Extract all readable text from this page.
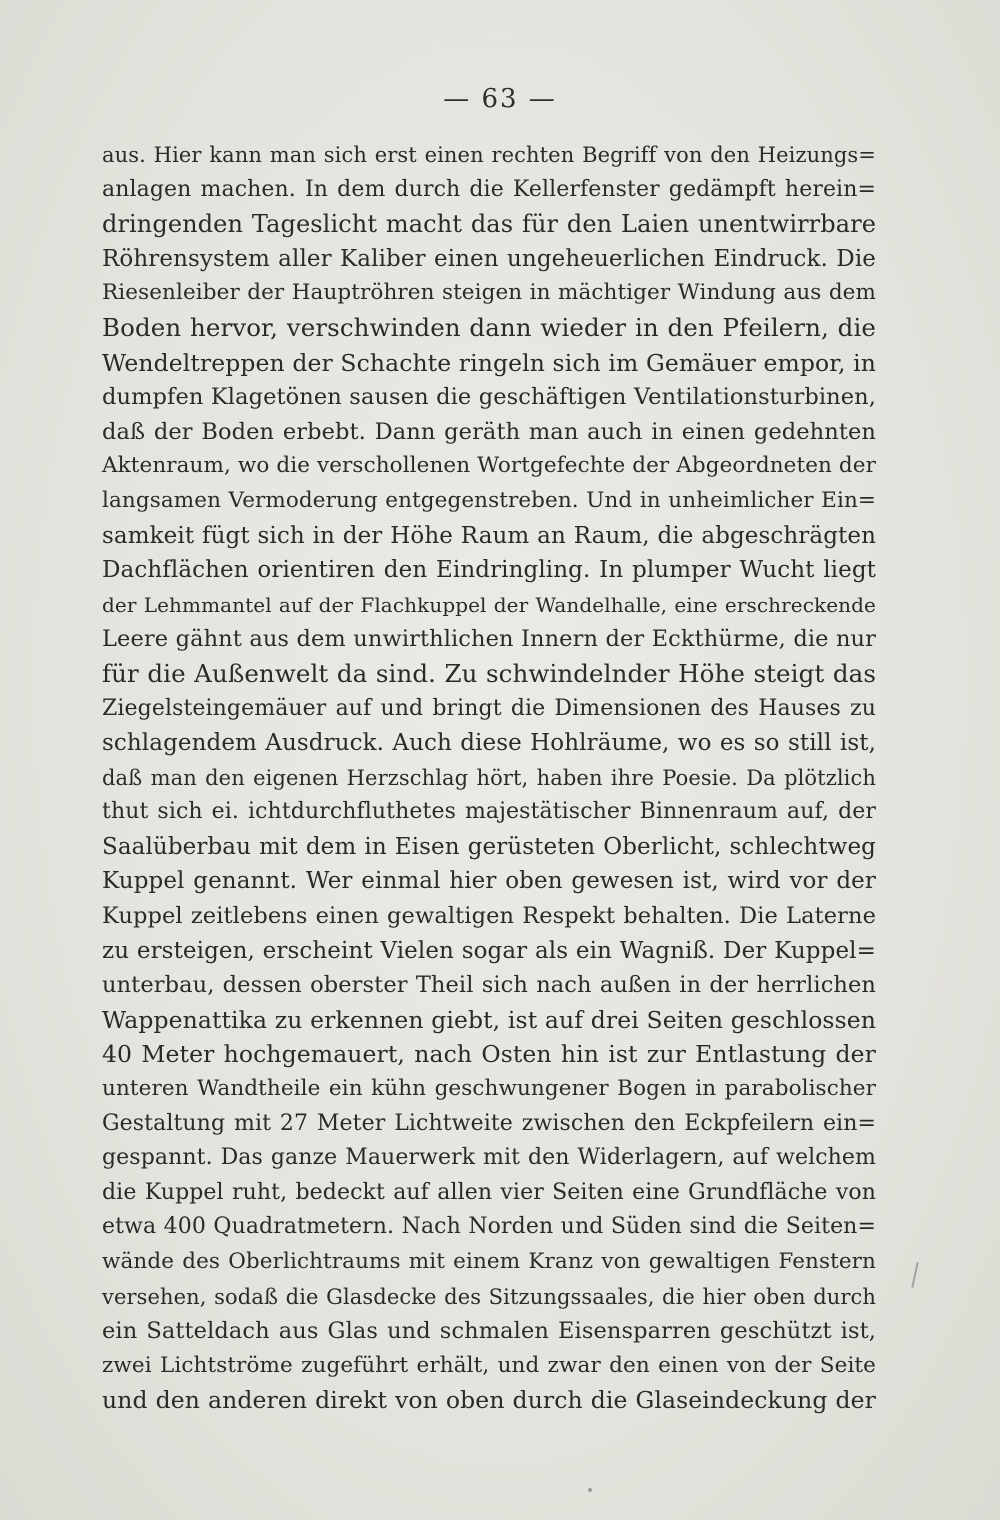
— 63 —
aus. Hier kann man sich erst einen rechten Begriff von den Heizungs=
anlagen machen. In dem durch die Kellerfenster gedämpft herein=
dringenden Tageslicht macht das für den Laien unentwirrbare
Röhrensystem aller Kaliber einen ungeheuerlichen Eindruck. Die
Riesenleiber der Hauptröhren steigen in mächtiger Windung aus dem
Boden hervor, verschwinden dann wieder in den Pfeilern, die
Wendeltreppen der Schachte ringeln sich im Gemäuer empor, in
dumpfen Klagetönen sausen die geschäftigen Ventilationsturbinen,
daß der Boden erbebt. Dann geräth man auch in einen gedehnten
Aktenraum, wo die verschollenen Wortgefechte der Abgeordneten der
langsamen Vermoderung entgegenstreben. Und in unheimlicher Ein=
samkeit fügt sich in der Höhe Raum an Raum, die abgeschrägten
Dachflächen orientiren den Eindringling. In plumper Wucht liegt
der Lehmmantel auf der Flachkuppel der Wandelhalle, eine erschreckende
Leere gähnt aus dem unwirthlichen Innern der Eckthürme, die nur
für die Außenwelt da sind. Zu schwindelnder Höhe steigt das
Ziegelsteingemäuer auf und bringt die Dimensionen des Hauses zu
schlagendem Ausdruck. Auch diese Hohlräume, wo es so still ist,
daß man den eigenen Herzschlag hört, haben ihre Poesie. Da plötzlich
thut sich ei. ichtdurchfluthetes majestätischer Binnenraum auf, der
Saalüberbau mit dem in Eisen gerüsteten Oberlicht, schlechtweg
Kuppel genannt. Wer einmal hier oben gewesen ist, wird vor der
Kuppel zeitlebens einen gewaltigen Respekt behalten. Die Laterne
zu ersteigen, erscheint Vielen sogar als ein Wagniß. Der Kuppel=
unterbau, dessen oberster Theil sich nach außen in der herrlichen
Wappenattika zu erkennen giebt, ist auf drei Seiten geschlossen
40 Meter hochgemauert, nach Osten hin ist zur Entlastung der
unteren Wandtheile ein kühn geschwungener Bogen in parabolischer
Gestaltung mit 27 Meter Lichtweite zwischen den Eckpfeilern ein=
gespannt. Das ganze Mauerwerk mit den Widerlagern, auf welchem
die Kuppel ruht, bedeckt auf allen vier Seiten eine Grundfläche von
etwa 400 Quadratmetern. Nach Norden und Süden sind die Seiten=
wände des Oberlichtraums mit einem Kranz von gewaltigen Fenstern
versehen, sodaß die Glasdecke des Sitzungssaales, die hier oben durch
ein Satteldach aus Glas und schmalen Eisensparren geschützt ist,
zwei Lichtströme zugeführt erhält, und zwar den einen von der Seite
und den anderen direkt von oben durch die Glaseindeckung der
